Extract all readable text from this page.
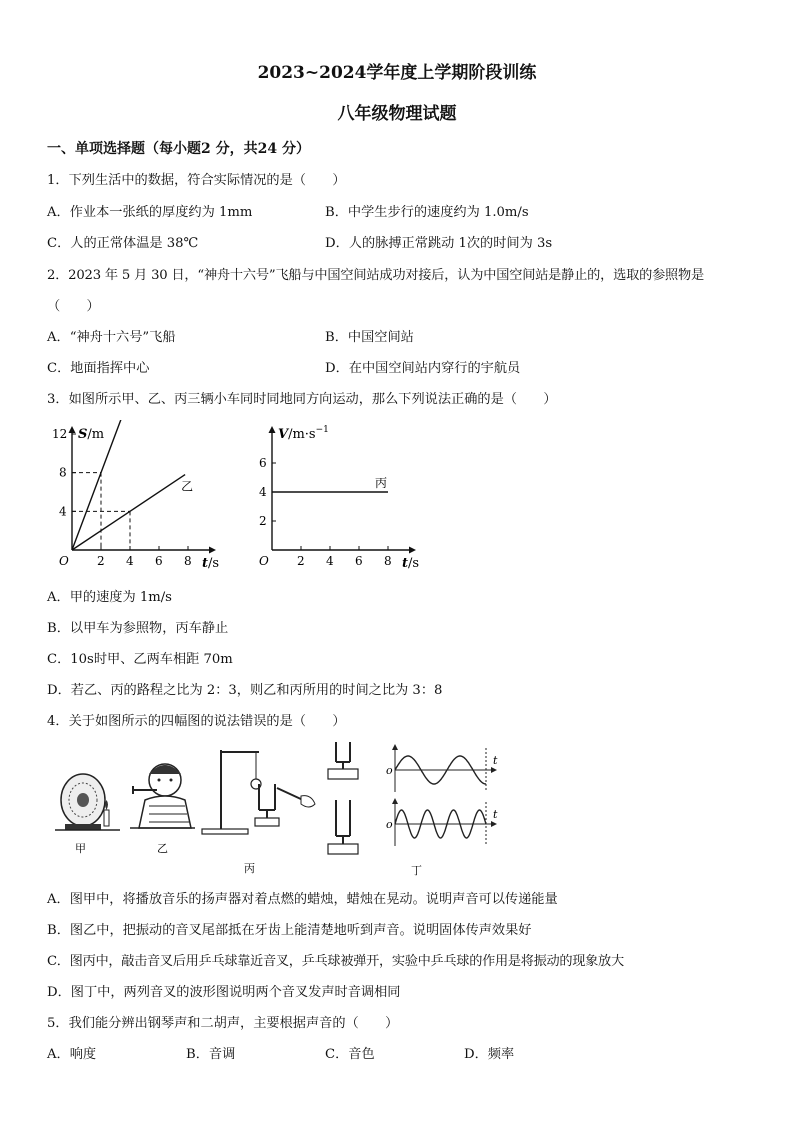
2023~2024学年度上学期阶段训练
八年级物理试题
一、单项选择题（每小题2 分，共24 分）
1．下列生活中的数据，符合实际情况的是（　　）
A．作业本一张纸的厚度约为 1mm	B．中学生步行的速度约为 1.0m/s
C．人的正常体温是 38℃	D．人的脉搏正常跳动 1次的时间为 3s
2．2023 年 5 月 30 日，“神舟十六号”飞船与中国空间站成功对接后，认为中国空间站是静止的，选取的参照物是
（　　）
A．“神舟十六号”飞船	B．中国空间站
C．地面指挥中心	D．在中国空间站内穿行的宇航员
3．如图所示甲、乙、丙三辆小车同时同地同方向运动，那么下列说法正确的是（　　）
O 2 4 6 8
4
8
12 S/m
t/s
乙
O 2 4 6 8
2
4
6
$V/m\cdot s^{-1}$
t/s
丙
A．甲的速度为 1m/s
B．以甲车为参照物，丙车静止
C．10s时甲、乙两车相距 70m
D．若乙、丙的路程之比为 2：3，则乙和丙所用的时间之比为 3：8
4．关于如图所示的四幅图的说法错误的是（　　）
甲	乙
丙
o
t
o
t
丁
A．图甲中，将播放音乐的扬声器对着点燃的蜡烛，蜡烛在晃动。说明声音可以传递能量
B．图乙中，把振动的音叉尾部抵在牙齿上能清楚地听到声音。说明固体传声效果好
C．图丙中，敲击音叉后用乒乓球靠近音叉，乒乓球被弹开，实验中乒乓球的作用是将振动的现象放大
D．图丁中，两列音叉的波形图说明两个音叉发声时音调相同
5．我们能分辨出钢琴声和二胡声，主要根据声音的（　　）
A．响度	B．音调	C．音色	D．频率
